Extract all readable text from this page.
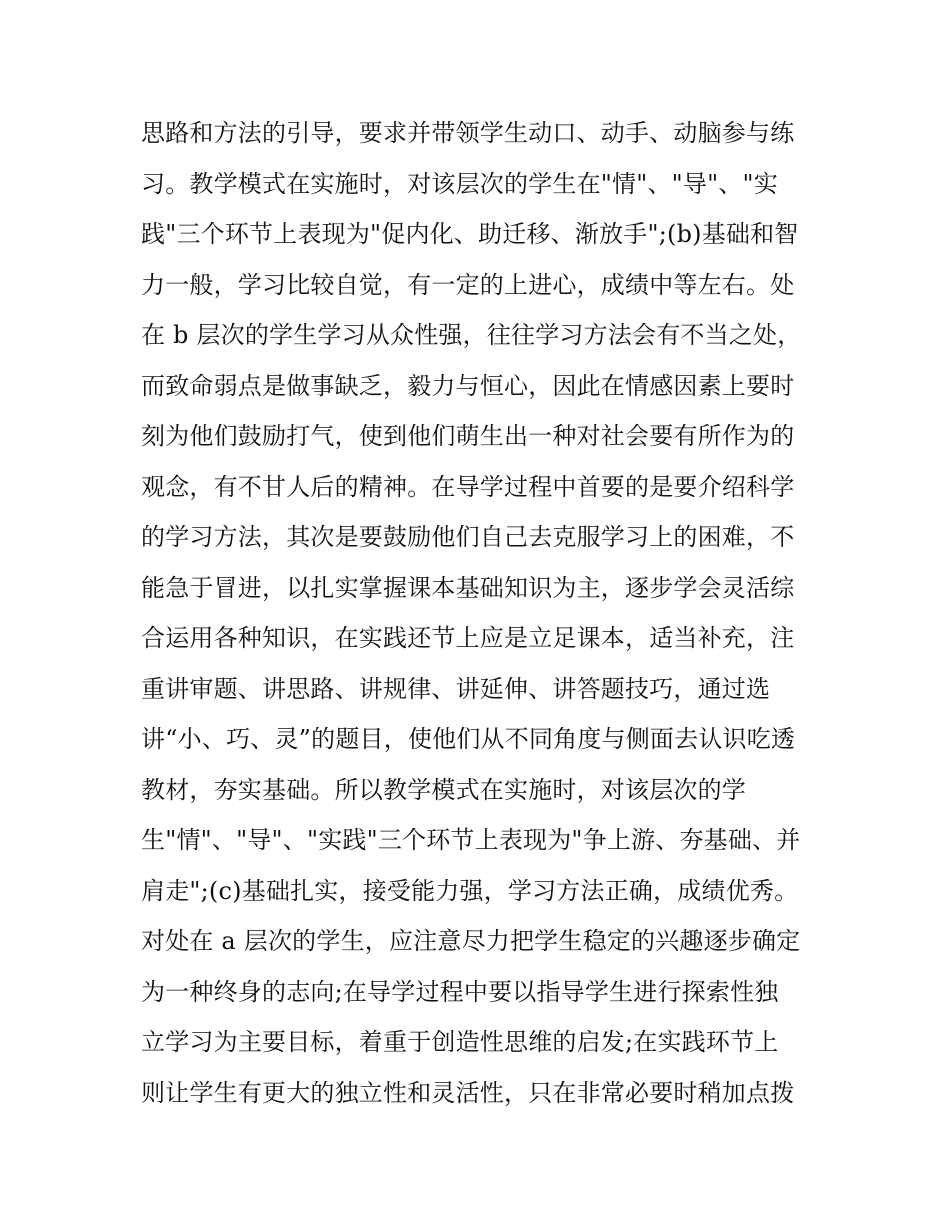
思路和方法的引导，要求并带领学生动口、动手、动脑参与练
习。教学模式在实施时，对该层次的学生在"情"、"导"、"实
践"三个环节上表现为"促内化、助迁移、渐放手";(b)基础和智
力一般，学习比较自觉，有一定的上进心，成绩中等左右。处
在 b 层次的学生学习从众性强，往往学习方法会有不当之处，
而致命弱点是做事缺乏，毅力与恒心，因此在情感因素上要时
刻为他们鼓励打气，使到他们萌生出一种对社会要有所作为的
观念，有不甘人后的精神。在导学过程中首要的是要介绍科学
的学习方法，其次是要鼓励他们自己去克服学习上的困难，不
能急于冒进，以扎实掌握课本基础知识为主，逐步学会灵活综
合运用各种知识，在实践还节上应是立足课本，适当补充，注
重讲审题、讲思路、讲规律、讲延伸、讲答题技巧，通过选
讲“小、巧、灵”的题目，使他们从不同角度与侧面去认识吃透
教材，夯实基础。所以教学模式在实施时，对该层次的学
生"情"、"导"、"实践"三个环节上表现为"争上游、夯基础、并
肩走";(c)基础扎实，接受能力强，学习方法正确，成绩优秀。
对处在 a 层次的学生，应注意尽力把学生稳定的兴趣逐步确定
为一种终身的志向;在导学过程中要以指导学生进行探索性独
立学习为主要目标，着重于创造性思维的启发;在实践环节上
则让学生有更大的独立性和灵活性，只在非常必要时稍加点拨
